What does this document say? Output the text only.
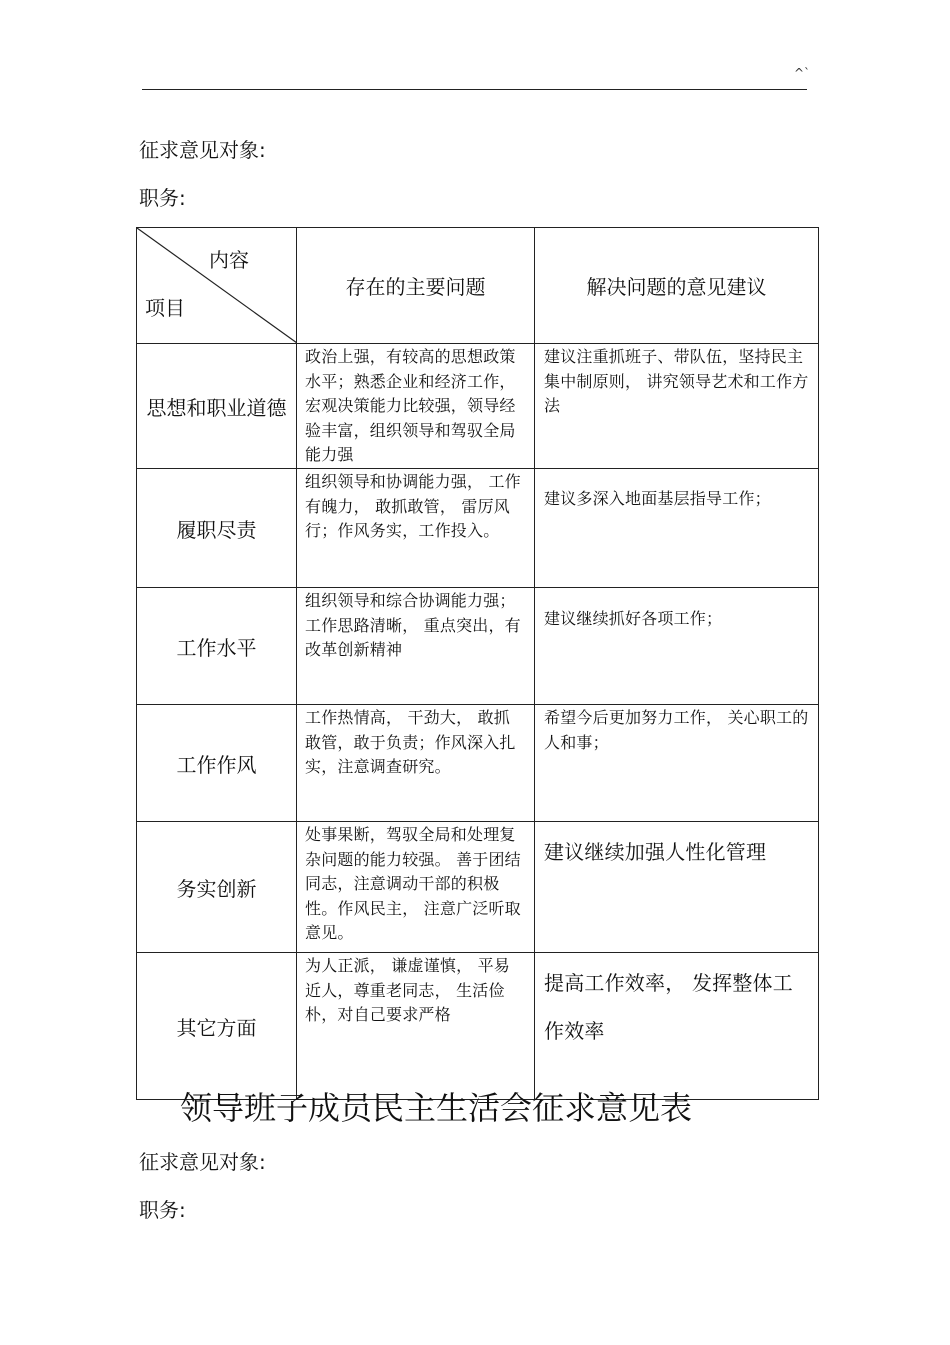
^`
征求意见对象:
职务:
内容
项目	存在的主要问题	解决问题的意见建议

思想和职业道德	政治上强，有较高的思想政策水平；熟悉企业和经济工作，宏观决策能力比较强，领导经验丰富，组织领导和驾驭全局能力强	建议注重抓班子、带队伍，坚持民主集中制原则， 讲究领导艺术和工作方法

履职尽责	组织领导和协调能力强， 工作有魄力， 敢抓敢管， 雷厉风行；作风务实，工作投入。	建议多深入地面基层指导工作；

工作水平	组织领导和综合协调能力强；工作思路清晰， 重点突出，有改革创新精神	建议继续抓好各项工作；

工作作风	工作热情高， 干劲大， 敢抓敢管，敢于负责；作风深入扎实，注意调查研究。	希望今后更加努力工作， 关心职工的人和事；

务实创新	处事果断，驾驭全局和处理复杂问题的能力较强。 善于团结同志，注意调动干部的积极性。作风民主， 注意广泛听取意见。	建议继续加强人性化管理

其它方面	为人正派， 谦虚谨慎， 平易近人，尊重老同志， 生活俭朴，对自己要求严格	提高工作效率， 发挥整体工作效率
领导班子成员民主生活会征求意见表
征求意见对象:
职务:
